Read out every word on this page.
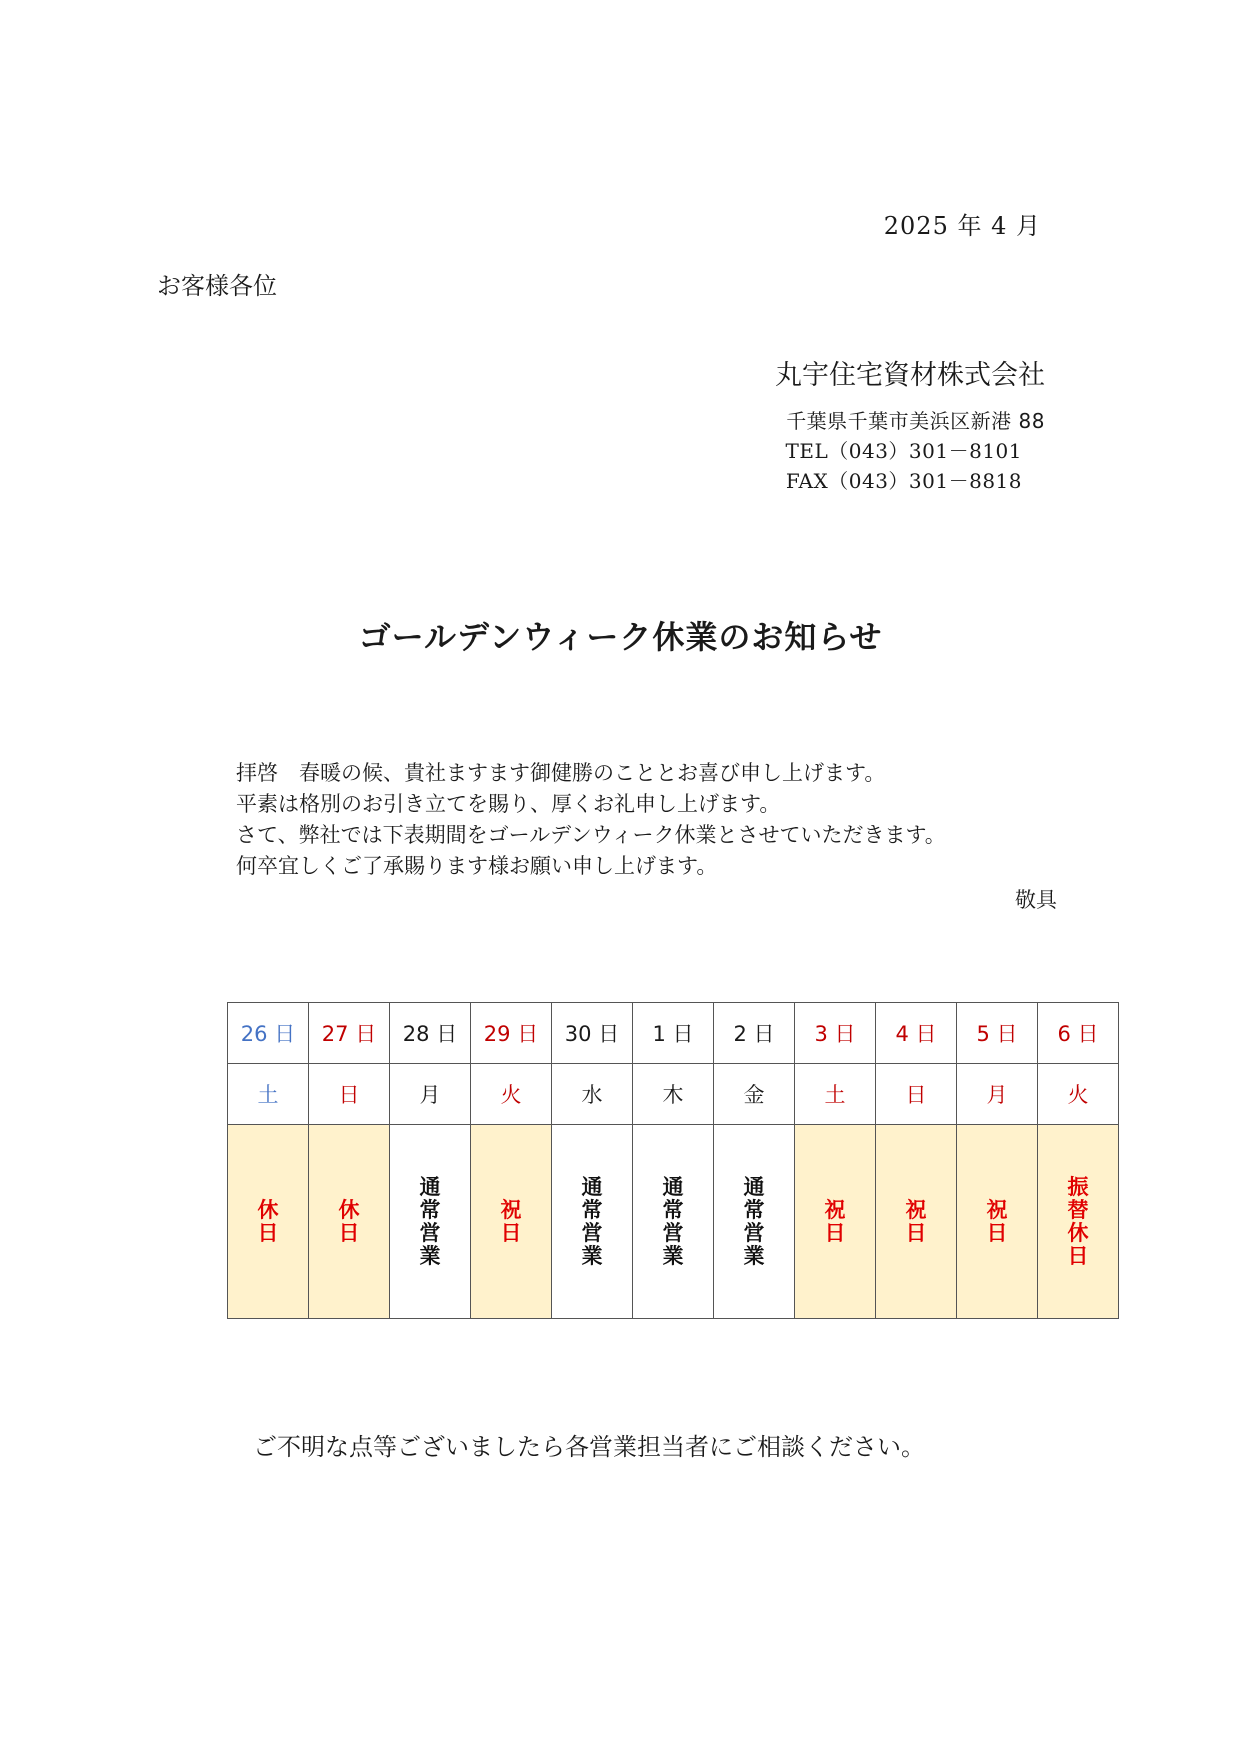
2025 年 4 月
お客様各位
丸宇住宅資材株式会社
千葉県千葉市美浜区新港 88
TEL（043）301－8101
FAX（043）301－8818
ゴールデンウィーク休業のお知らせ
拝啓　春暖の候、貴社ますます御健勝のこととお喜び申し上げます。
平素は格別のお引き立てを賜り、厚くお礼申し上げます。
さて、弊社では下表期間をゴールデンウィーク休業とさせていただきます。
何卒宜しくご了承賜ります様お願い申し上げます。
敬具
26 日	27 日	28 日	29 日	30 日	1 日	2 日	3 日	4 日	5 日	6 日
土	日	月	火	水	木	金	土	日	月	火
休日	休日	通常営業	祝日	通常営業	通常営業	通常営業	祝日	祝日	祝日	振替休日
ご不明な点等ございましたら各営業担当者にご相談ください。
